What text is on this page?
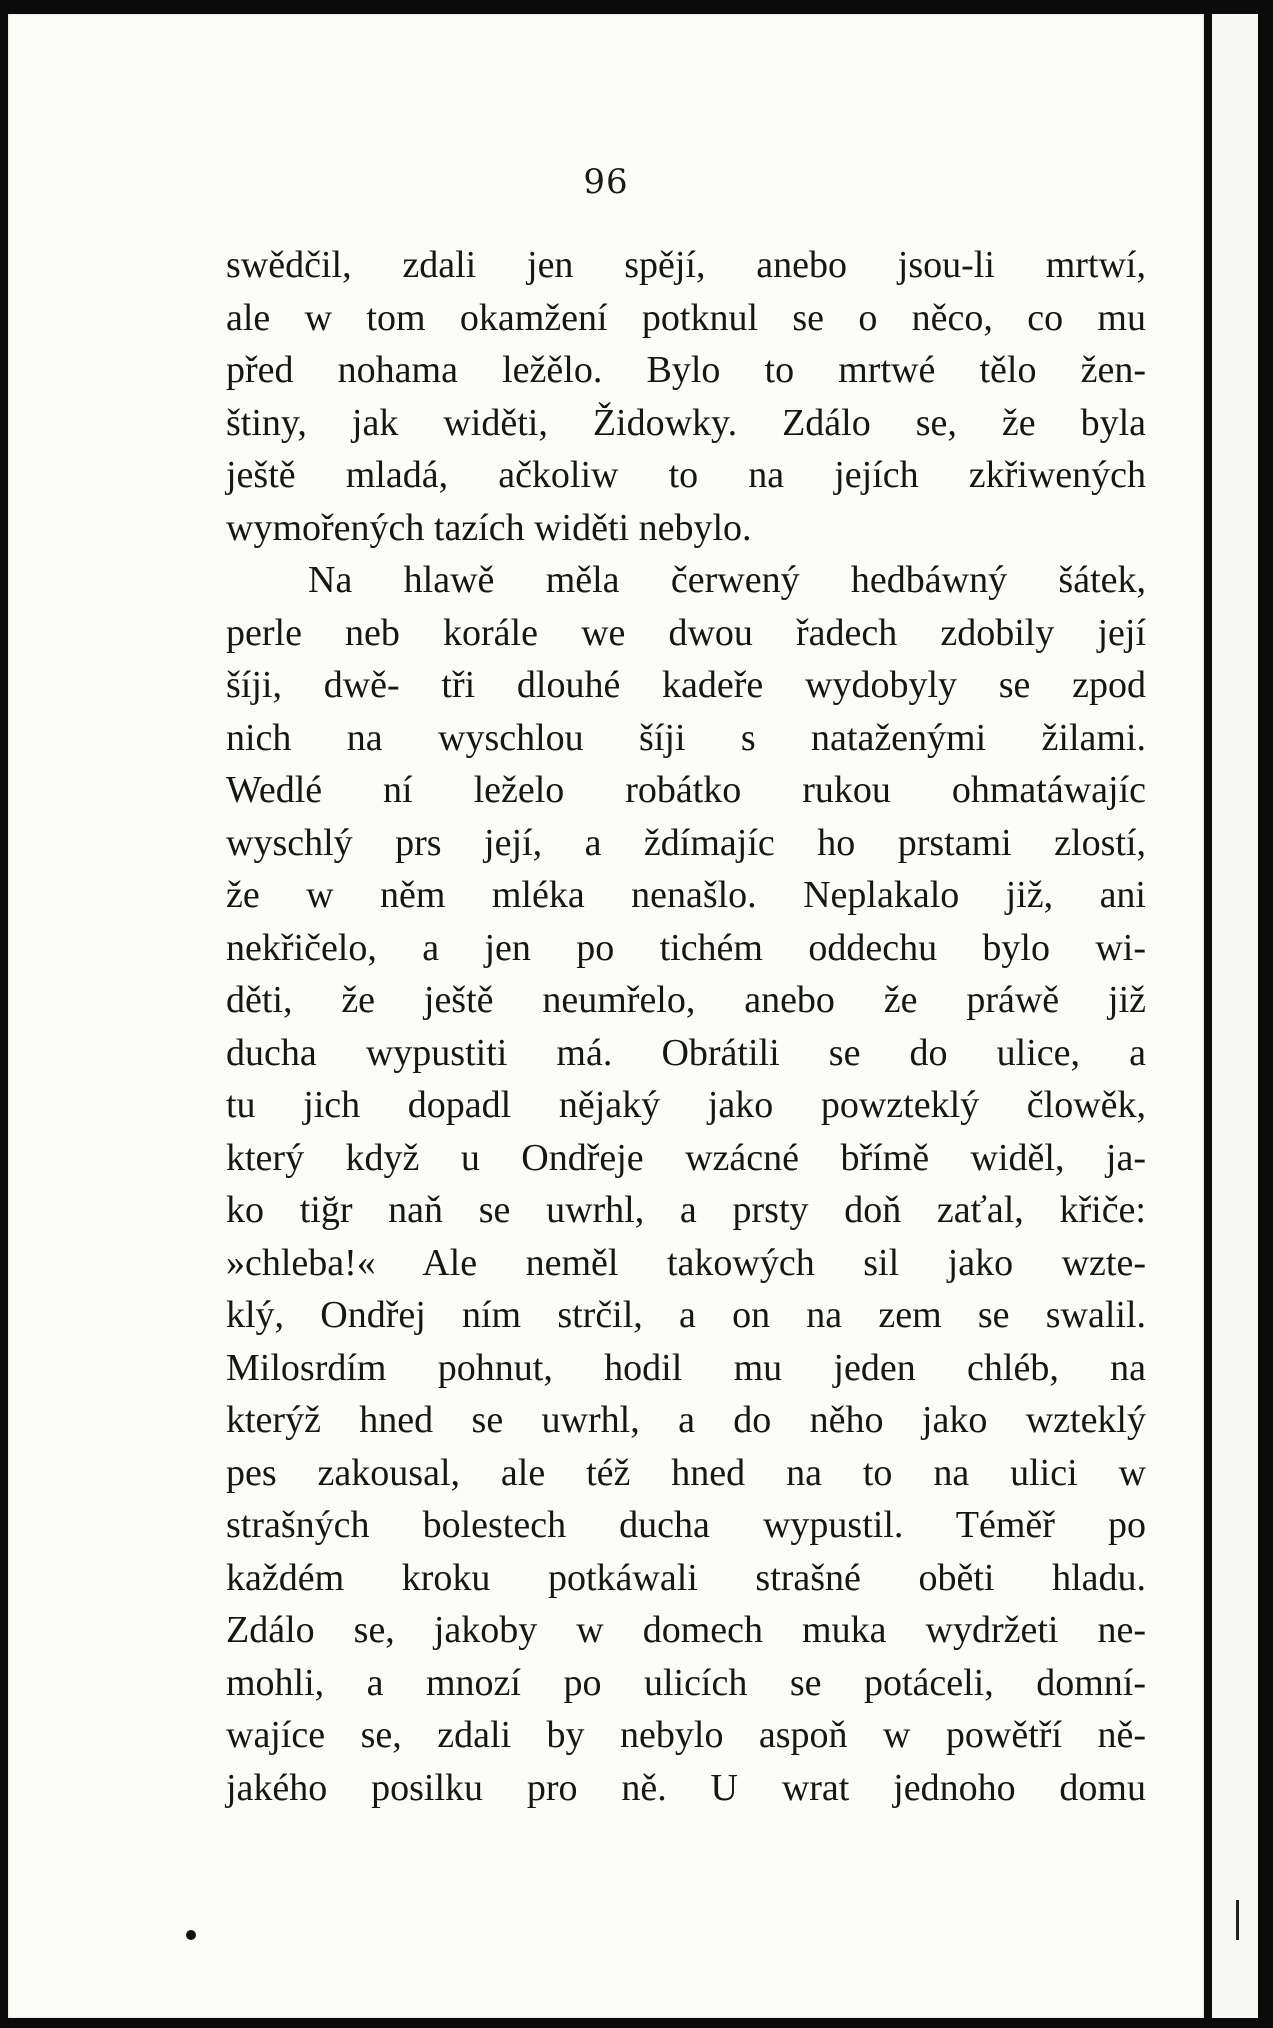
96
swědčil, zdali jen spějí, anebo jsou-li mrtwí,
ale w tom okamžení potknul se o něco, co mu
před nohama ležělo. Bylo to mrtwé tělo žen-
štiny, jak widěti, Židowky. Zdálo se, že byla
ještě mladá, ačkoliw to na jejích zkřiwených
wymořených tazích widěti nebylo.
Na hlawě měla čerwený hedbáwný šátek,
perle neb korále we dwou řadech zdobily její
šíji, dwě- tři dlouhé kadeře wydobyly se zpod
nich na wyschlou šíji s natаženými žilami.
Wedlé ní leželo robátko rukou ohmatáwajíc
wyschlý prs její, a ždímajíc ho prstami zlostí,
že w něm mléka nenašlo. Neplakalo již, ani
nekřičelo, a jen po tichém oddechu bylo wi-
děti, že ještě neumřelo, anebo že práwě již
ducha wypustiti má. Obrátili se do ulice, a
tu jich dopadl nějaký jako powzteklý člowěk,
který když u Ondřeje wzácné břímě widěl, ja-
ko tiğr naň se uwrhl, a prsty doň zaťal, křiče:
»chleba!« Ale neměl takowých sil jako wzte-
klý, Ondřej ním strčil, a on na zem se swalil.
Milosrdím pohnut, hodil mu jeden chléb, na
kterýž hned se uwrhl, a do něho jako wzteklý
pes zakousal, ale též hned na to na ulici w
strašných bolestech ducha wypustil. Téměř po
každém kroku potkáwali strašné oběti hladu.
Zdálo se, jakoby w domech muka wydržeti ne-
mohli, a mnozí po ulicích se potáceli, domní-
wajíce se, zdali by nebylo aspoň w powětří ně-
jakého posilku pro ně. U wrat jednoho domu
